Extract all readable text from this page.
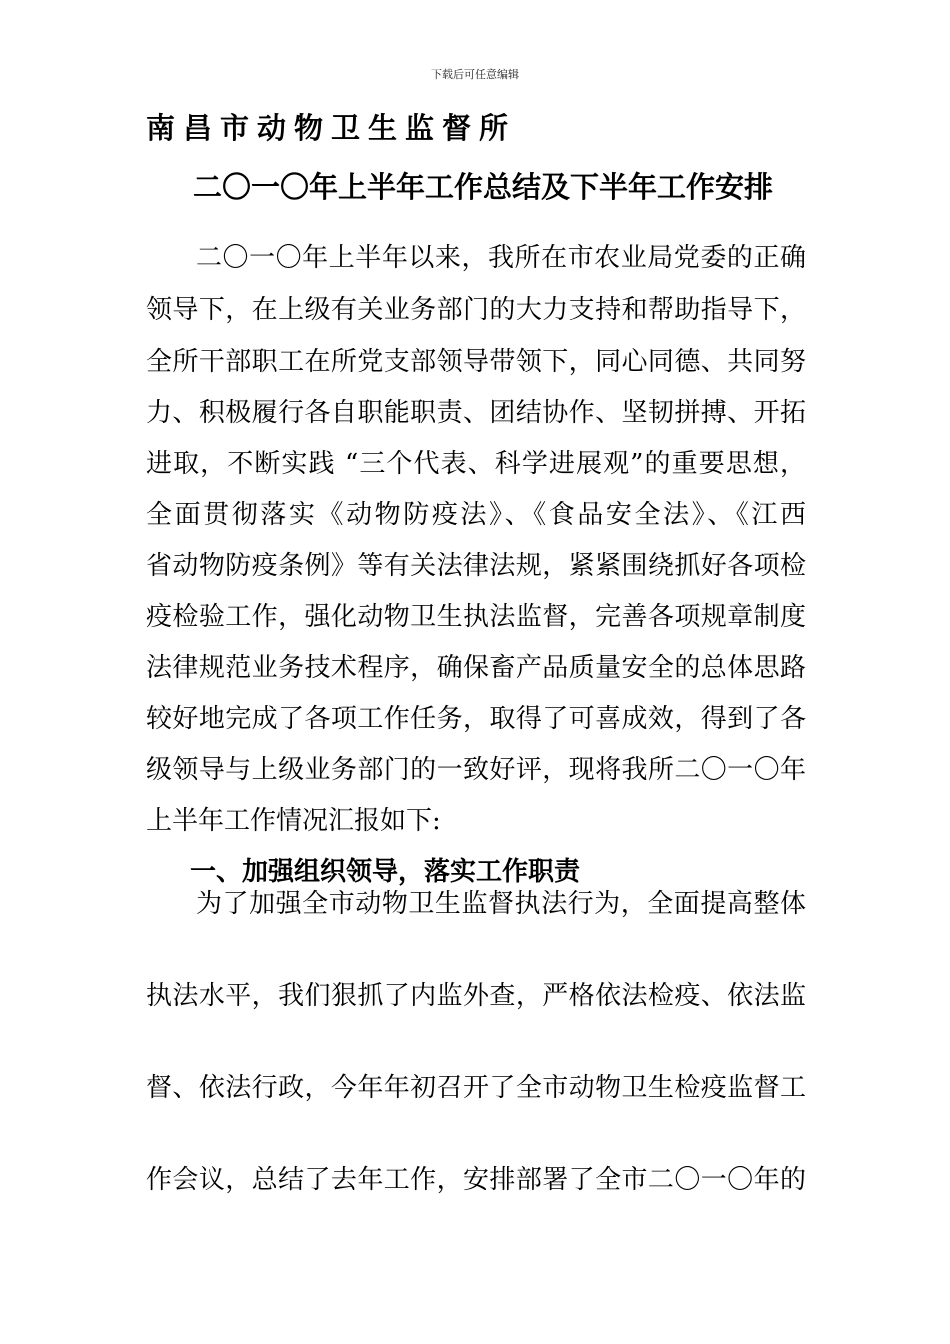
下载后可任意编辑
南昌市动物卫生监督所
二〇一〇年上半年工作总结及下半年工作安排
二〇一〇年上半年以来，我所在市农业局党委的正确
领导下，在上级有关业务部门的大力支持和帮助指导下，
全所干部职工在所党支部领导带领下，同心同德、共同努
力、积极履行各自职能职责、团结协作、坚韧拼搏、开拓
进取，不断实践 “三个代表、科学进展观”的重要思想，
全面贯彻落实《动物防疫法》、《食品安全法》、《江西
省动物防疫条例》等有关法律法规，紧紧围绕抓好各项检
疫检验工作，强化动物卫生执法监督，完善各项规章制度
法律规范业务技术程序，确保畜产品质量安全的总体思路
较好地完成了各项工作任务，取得了可喜成效，得到了各
级领导与上级业务部门的一致好评，现将我所二〇一〇年
上半年工作情况汇报如下:
一、加强组织领导，落实工作职责
为了加强全市动物卫生监督执法行为，全面提高整体
执法水平，我们狠抓了内监外查，严格依法检疫、依法监
督、依法行政，今年年初召开了全市动物卫生检疫监督工
作会议，总结了去年工作，安排部署了全市二〇一〇年的
